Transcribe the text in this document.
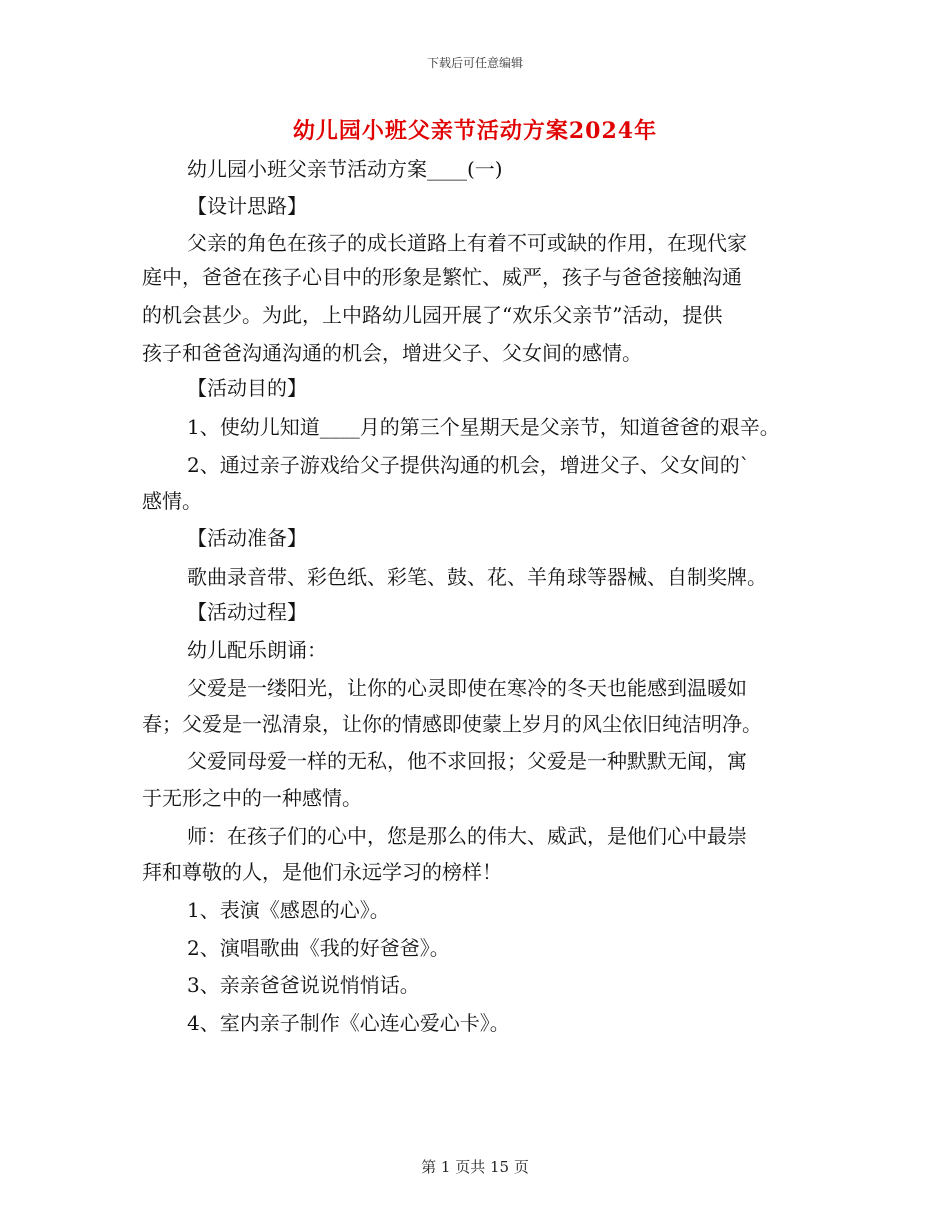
下载后可任意编辑
幼儿园小班父亲节活动方案2024年
幼儿园小班父亲节活动方案____(一)
【设计思路】
父亲的角色在孩子的成长道路上有着不可或缺的作用，在现代家
庭中，爸爸在孩子心目中的形象是繁忙、威严，孩子与爸爸接触沟通
的机会甚少。为此，上中路幼儿园开展了“欢乐父亲节”活动，提供
孩子和爸爸沟通沟通的机会，增进父子、父女间的感情。
【活动目的】
1、使幼儿知道____月的第三个星期天是父亲节，知道爸爸的艰辛。
2、通过亲子游戏给父子提供沟通的机会，增进父子、父女间的`
感情。
【活动准备】
歌曲录音带、彩色纸、彩笔、鼓、花、羊角球等器械、自制奖牌。
【活动过程】
幼儿配乐朗诵：
父爱是一缕阳光，让你的心灵即使在寒冷的冬天也能感到温暖如
春；父爱是一泓清泉，让你的情感即使蒙上岁月的风尘依旧纯洁明净。
父爱同母爱一样的无私，他不求回报；父爱是一种默默无闻，寓
于无形之中的一种感情。
师：在孩子们的心中，您是那么的伟大、威武，是他们心中最崇
拜和尊敬的人，是他们永远学习的榜样！
1、表演《感恩的心》。
2、演唱歌曲《我的好爸爸》。
3、亲亲爸爸说说悄悄话。
4、室内亲子制作《心连心爱心卡》。
第 1 页共 15 页
